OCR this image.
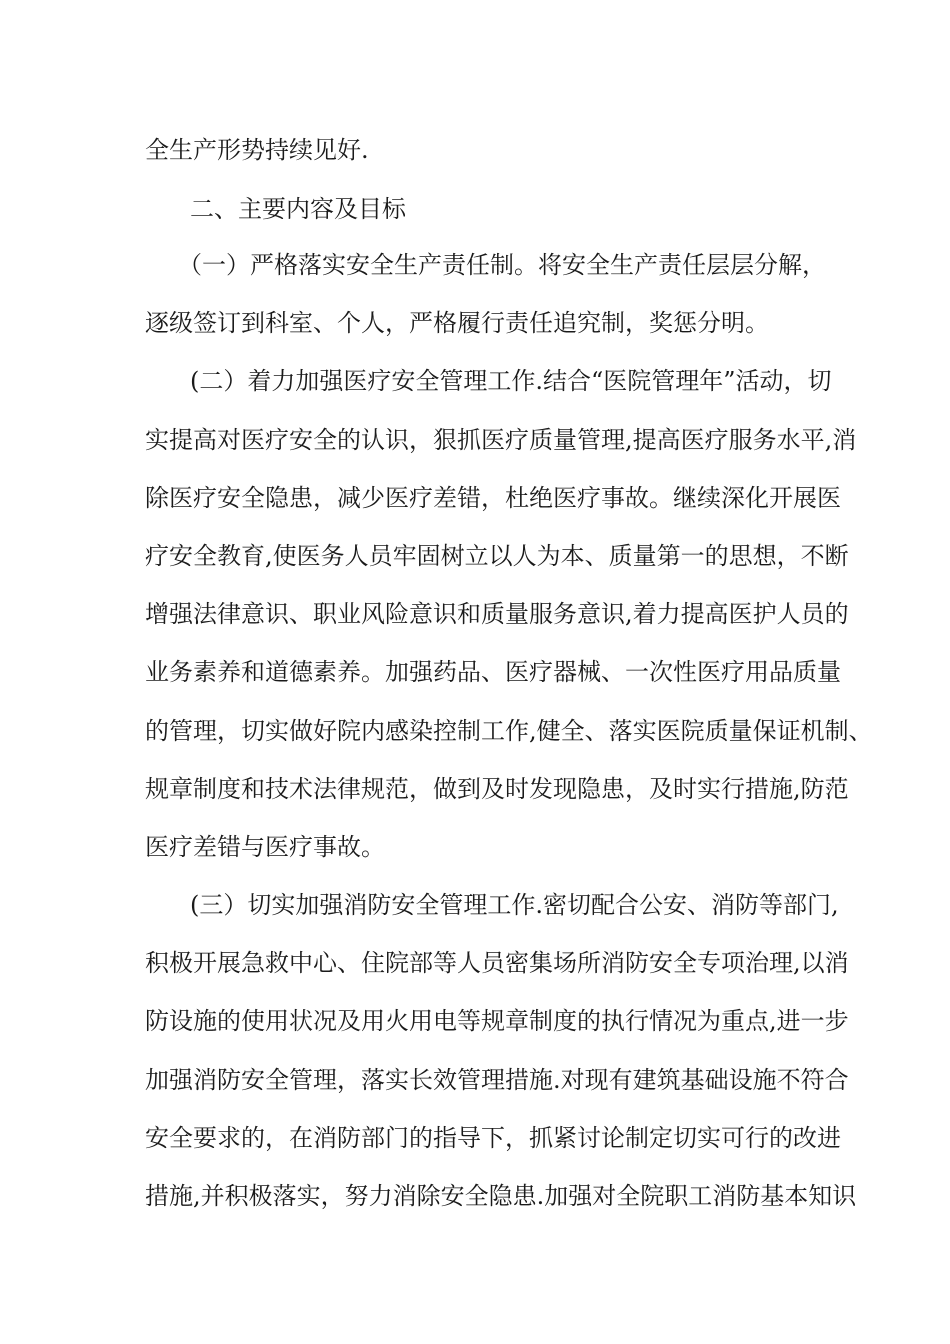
全生产形势持续见好.
二、主要内容及目标
（一）严格落实安全生产责任制。将安全生产责任层层分解，
逐级签订到科室、个人，严格履行责任追究制，奖惩分明。
(二）着力加强医疗安全管理工作.结合“医院管理年”活动，切
实提高对医疗安全的认识，狠抓医疗质量管理,提高医疗服务水平,消
除医疗安全隐患，减少医疗差错，杜绝医疗事故。继续深化开展医
疗安全教育,使医务人员牢固树立以人为本、质量第一的思想，不断
增强法律意识、职业风险意识和质量服务意识,着力提高医护人员的
业务素养和道德素养。加强药品、医疗器械、一次性医疗用品质量
的管理，切实做好院内感染控制工作,健全、落实医院质量保证机制、
规章制度和技术法律规范，做到及时发现隐患，及时实行措施,防范
医疗差错与医疗事故。
(三）切实加强消防安全管理工作.密切配合公安、消防等部门,
积极开展急救中心、住院部等人员密集场所消防安全专项治理,以消
防设施的使用状况及用火用电等规章制度的执行情况为重点,进一步
加强消防安全管理，落实长效管理措施.对现有建筑基础设施不符合
安全要求的，在消防部门的指导下，抓紧讨论制定切实可行的改进
措施,并积极落实，努力消除安全隐患.加强对全院职工消防基本知识
